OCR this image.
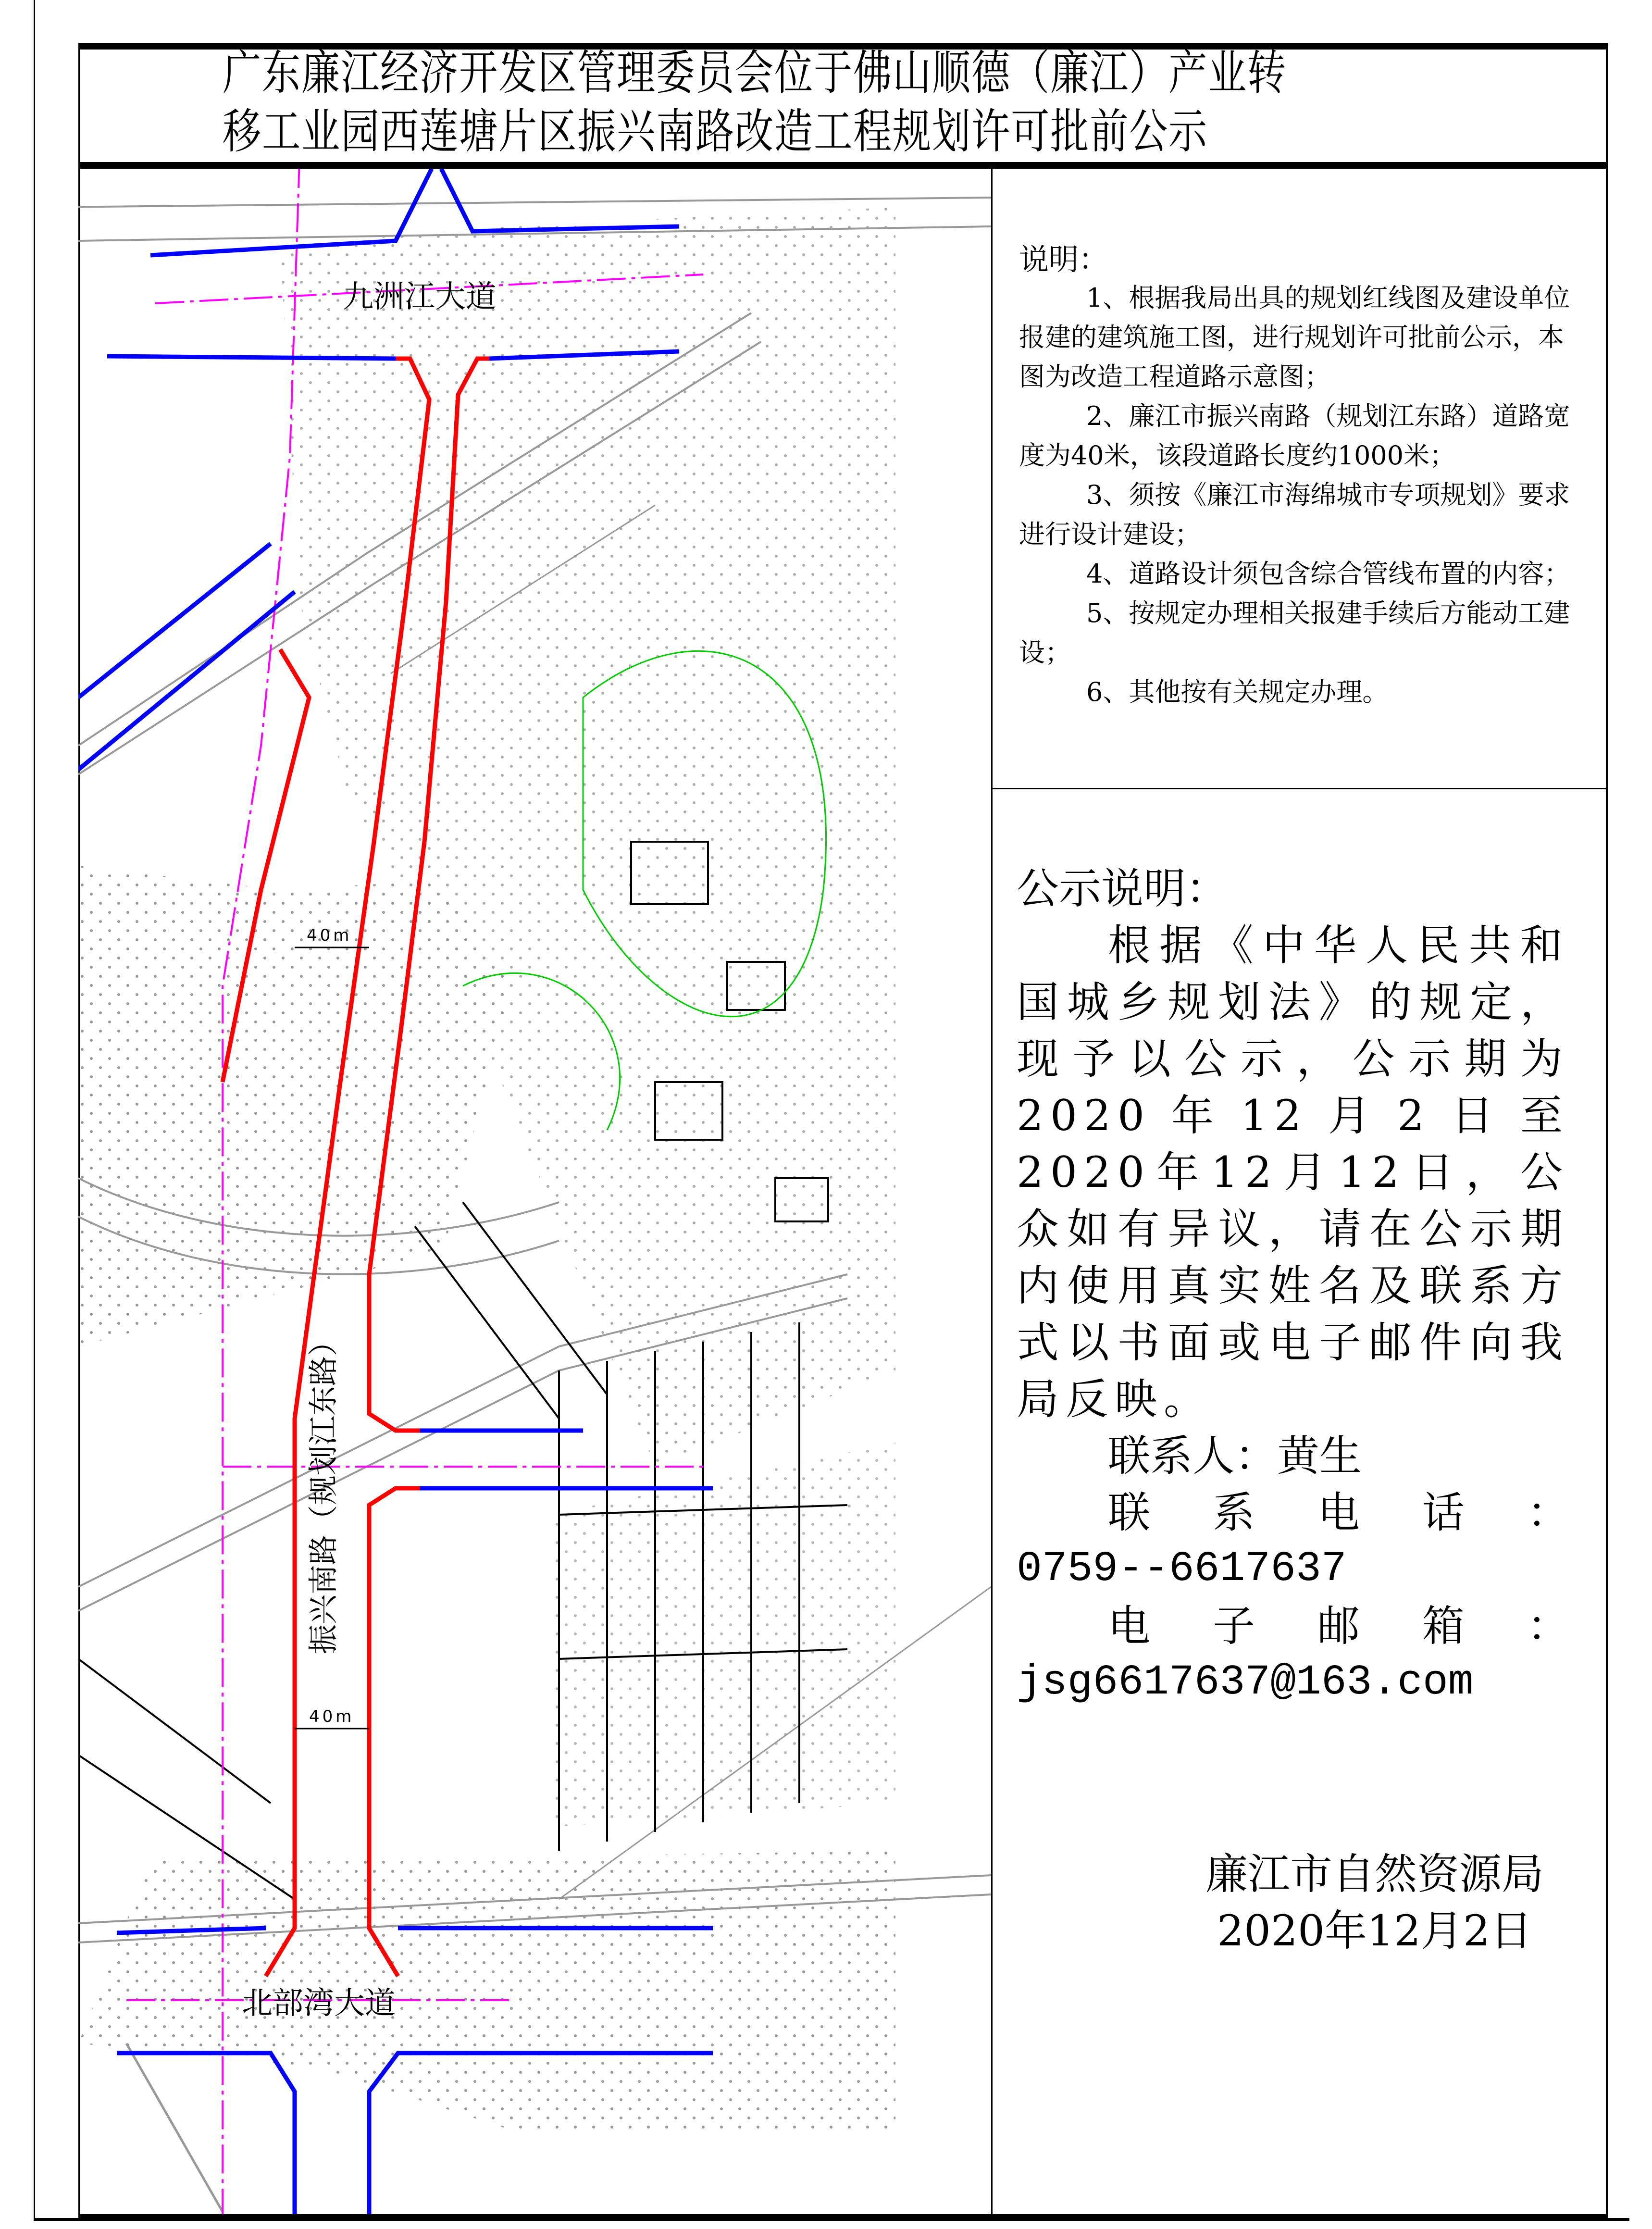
广东廉江经济开发区管理委员会位于佛山顺德（廉江）产业转
移工业园西莲塘片区振兴南路改造工程规划许可批前公示
九洲江大道
北部湾大道
振兴南路（规划江东路）
40m
40m
说明：
1、根据我局出具的规划红线图及建设单位报建的建筑施工图，进行规划许可批前公示，本图为改造工程道路示意图；
2、廉江市振兴南路（规划江东路）道路宽度为40米，该段道路长度约1000米；
3、须按《廉江市海绵城市专项规划》要求进行设计建设；
4、道路设计须包含综合管线布置的内容；
5、按规定办理相关报建手续后方能动工建设；
6、其他按有关规定办理。
公示说明：
根据《中华人民共和国城乡规划法》的规定，现予以公示，公示期为2020年12月2日至2020年12月12日，公众如有异议，请在公示期内使用真实姓名及联系方式以书面或电子邮件向我局反映。
联系人：黄生
联 系 电 话 ：
0759--6617637
电 子 邮 箱 ：
jsg6617637@163.com
廉江市自然资源局
2020年12月2日
